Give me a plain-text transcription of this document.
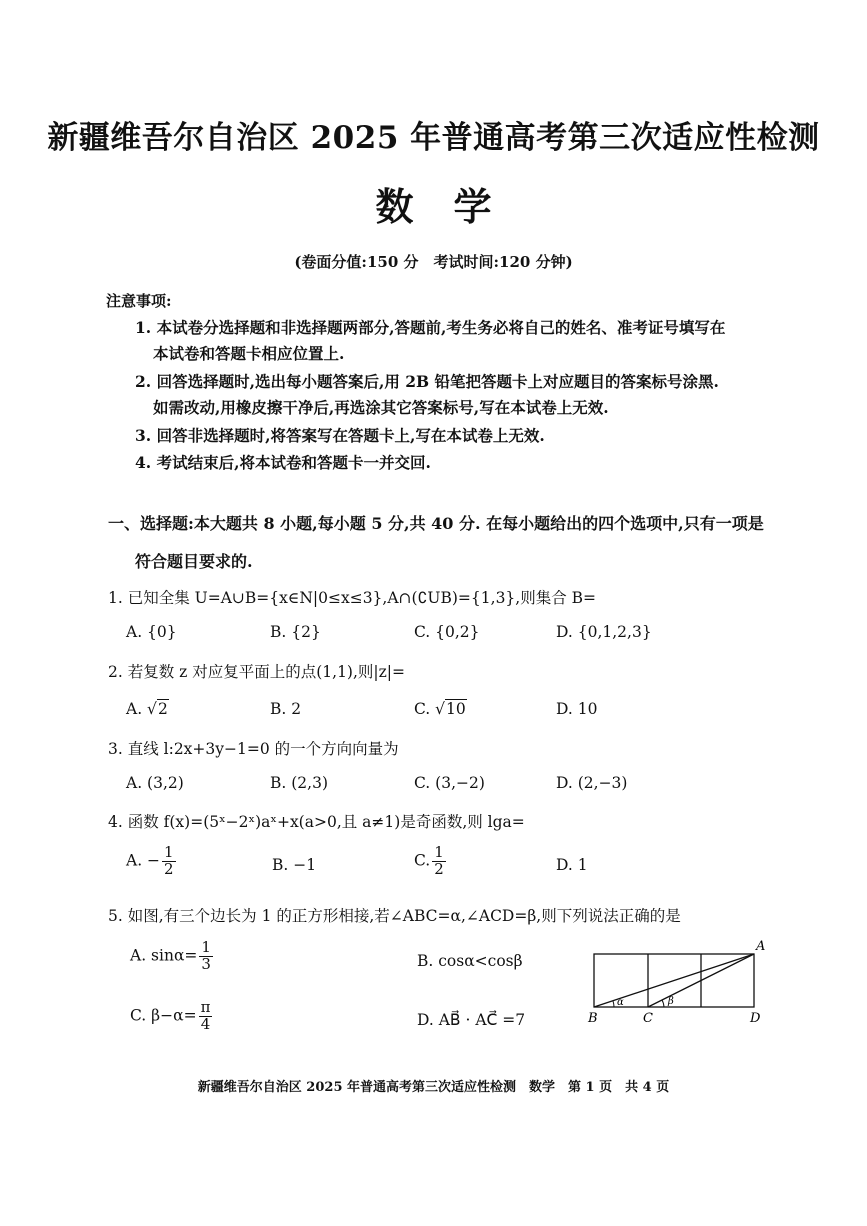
新疆维吾尔自治区 2025 年普通高考第三次适应性检测
数学
(卷面分值:150 分　考试时间:120 分钟)
注意事项:
1. 本试卷分选择题和非选择题两部分,答题前,考生务必将自己的姓名、准考证号填写在
本试卷和答题卡相应位置上.
2. 回答选择题时,选出每小题答案后,用 2B 铅笔把答题卡上对应题目的答案标号涂黑.
如需改动,用橡皮擦干净后,再选涂其它答案标号,写在本试卷上无效.
3. 回答非选择题时,将答案写在答题卡上,写在本试卷上无效.
4. 考试结束后,将本试卷和答题卡一并交回.
一、选择题:本大题共 8 小题,每小题 5 分,共 40 分. 在每小题给出的四个选项中,只有一项是
符合题目要求的.
1. 已知全集 U=A∪B={x∈N|0≤x≤3},A∩(∁UB)={1,3},则集合 B=
A. {0}	B. {2}	C. {0,2}	D. {0,1,2,3}
2. 若复数 z 对应复平面上的点(1,1),则|z|=
A. √2	B. 2	C. √10	D. 10
3. 直线 l:2x+3y−1=0 的一个方向向量为
A. (3,2)	B. (2,3)	C. (3,−2)	D. (2,−3)
4. 函数 f(x)=(5ˣ−2ˣ)aˣ+x(a>0,且 a≠1)是奇函数,则 lga=
A. − $\frac{1}{2}$	B. −1	C. $\frac{1}{2}$	D. 1
5. 如图,有三个边长为 1 的正方形相接,若∠ABC=α,∠ACD=β,则下列说法正确的是
A. $\sin\alpha= \frac{1}{3}$	B. cosα<cosβ
C. $\beta-\alpha= \frac{\pi}{4}$	D. AB⃗ · AC⃗ =7
A
B	C	D
α	β
新疆维吾尔自治区 2025 年普通高考第三次适应性检测　数学　第 1 页　共 4 页
